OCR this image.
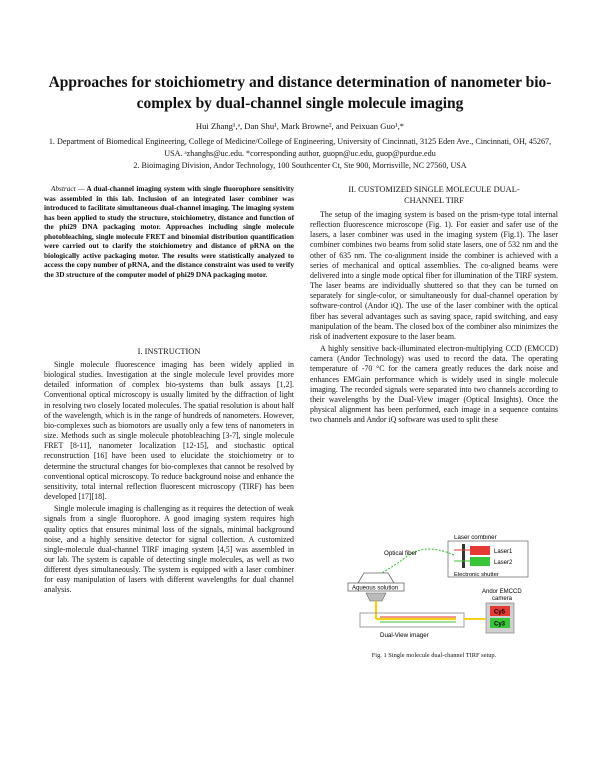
Approaches for stoichiometry and distance determination of nanometer bio-complex by dual-channel single molecule imaging
Hui Zhang¹,ᵃ, Dan Shu¹, Mark Browne², and Peixuan Guo¹,*
1. Department of Biomedical Engineering, College of Medicine/College of Engineering, University of Cincinnati, 3125 Eden Ave., Cincinnati, OH, 45267, USA. ᵃzhanghs@uc.edu. *corresponding author, guopn@uc.edu, guop@purdue.edu
2. Bioimaging Division, Andor Technology, 100 Southcenter Ct, Ste 900, Morrisville, NC 27560, USA
Abstract — A dual-channel imaging system with single fluorophore sensitivity was assembled in this lab. Inclusion of an integrated laser combiner was introduced to facilitate simultaneous dual-channel imaging. The imaging system has been applied to study the structure, stoichiometry, distance and function of the phi29 DNA packaging motor. Approaches including single molecule photobleaching, single molecule FRET and binomial distribution quantification were carried out to clarify the stoichiometry and distance of pRNA on the biologically active packaging motor. The results were statistically analyzed to access the copy number of pRNA, and the distance constraint was used to verify the 3D structure of the computer model of phi29 DNA packaging motor.
I. INSTRUCTION

Single molecule fluorescence imaging has been widely applied in biological studies. Investigation at the single molecule level provides more detailed information of complex bio-systems than bulk assays [1,2]. Conventional optical microscopy is usually limited by the diffraction of light in resolving two closely located molecules. The spatial resolution is about half of the wavelength, which is in the range of hundreds of nanometers. However, bio-complexes such as biomotors are usually only a few tens of nanometers in size. Methods such as single molecule photobleaching [3-7], single molecule FRET [8-11], nanometer localization [12-15], and stochastic optical reconstruction [16] have been used to elucidate the stoichiometry or to determine the structural changes for bio-complexes that cannot be resolved by conventional optical microscopy. To reduce background noise and enhance the sensitivity, total internal reflection fluorescent microscopy (TIRF) has been developed [17][18].

Single molecule imaging is challenging as it requires the detection of weak signals from a single fluorophore. A good imaging system requires high quality optics that ensures minimal loss of the signals, minimal background noise, and a highly sensitive detector for signal collection. A customized single-molecule dual-channel TIRF imaging system [4,5] was assembled in our lab. The system is capable of detecting single molecules, as well as two different dyes simultaneously. The system is equipped with a laser combiner for easy manipulation of lasers with different wavelengths for dual channel analysis.

II. CUSTOMIZED SINGLE MOLECULE DUAL-
CHANNEL TIRF

The setup of the imaging system is based on the prism-type total internal reflection fluorescence microscope (Fig. 1). For easier and safer use of the lasers, a laser combiner was used in the imaging system (Fig.1). The laser combiner combines two beams from solid state lasers, one of 532 nm and the other of 635 nm. The co-alignment inside the combiner is achieved with a series of mechanical and optical assemblies. The co-aligned beams were delivered into a single mode optical fiber for illumination of the TIRF system. The laser beams are individually shuttered so that they can be turned on separately for single-color, or simultaneously for dual-channel operation by software-control (Andor iQ). The use of the laser combiner with the optical fiber has several advantages such as saving space, rapid switching, and easy manipulation of the beam. The closed box of the combiner also minimizes the risk of inadvertent exposure to the laser beam.

A highly sensitive back-illuminated electron-multiplying CCD (EMCCD) camera (Andor Technology) was used to record the data. The operating temperature of -70 °C for the camera greatly reduces the dark noise and enhances EMGain performance which is widely used in single molecule imaging. The recorded signals were separated into two channels according to their wavelengths by the Dual-View imager (Optical Insights). Once the physical alignment has been performed, each image in a sequence contains two channels and Andor iQ software was used to split these

Laser combiner
Laser1
Laser2
Electronic shutter
Optical fiber
Aqueous solution
Dual-View imager
Andor EMCCD
camera
Cy5
Cy3
Fig. 1 Single molecule dual-channel TIRF setup.
